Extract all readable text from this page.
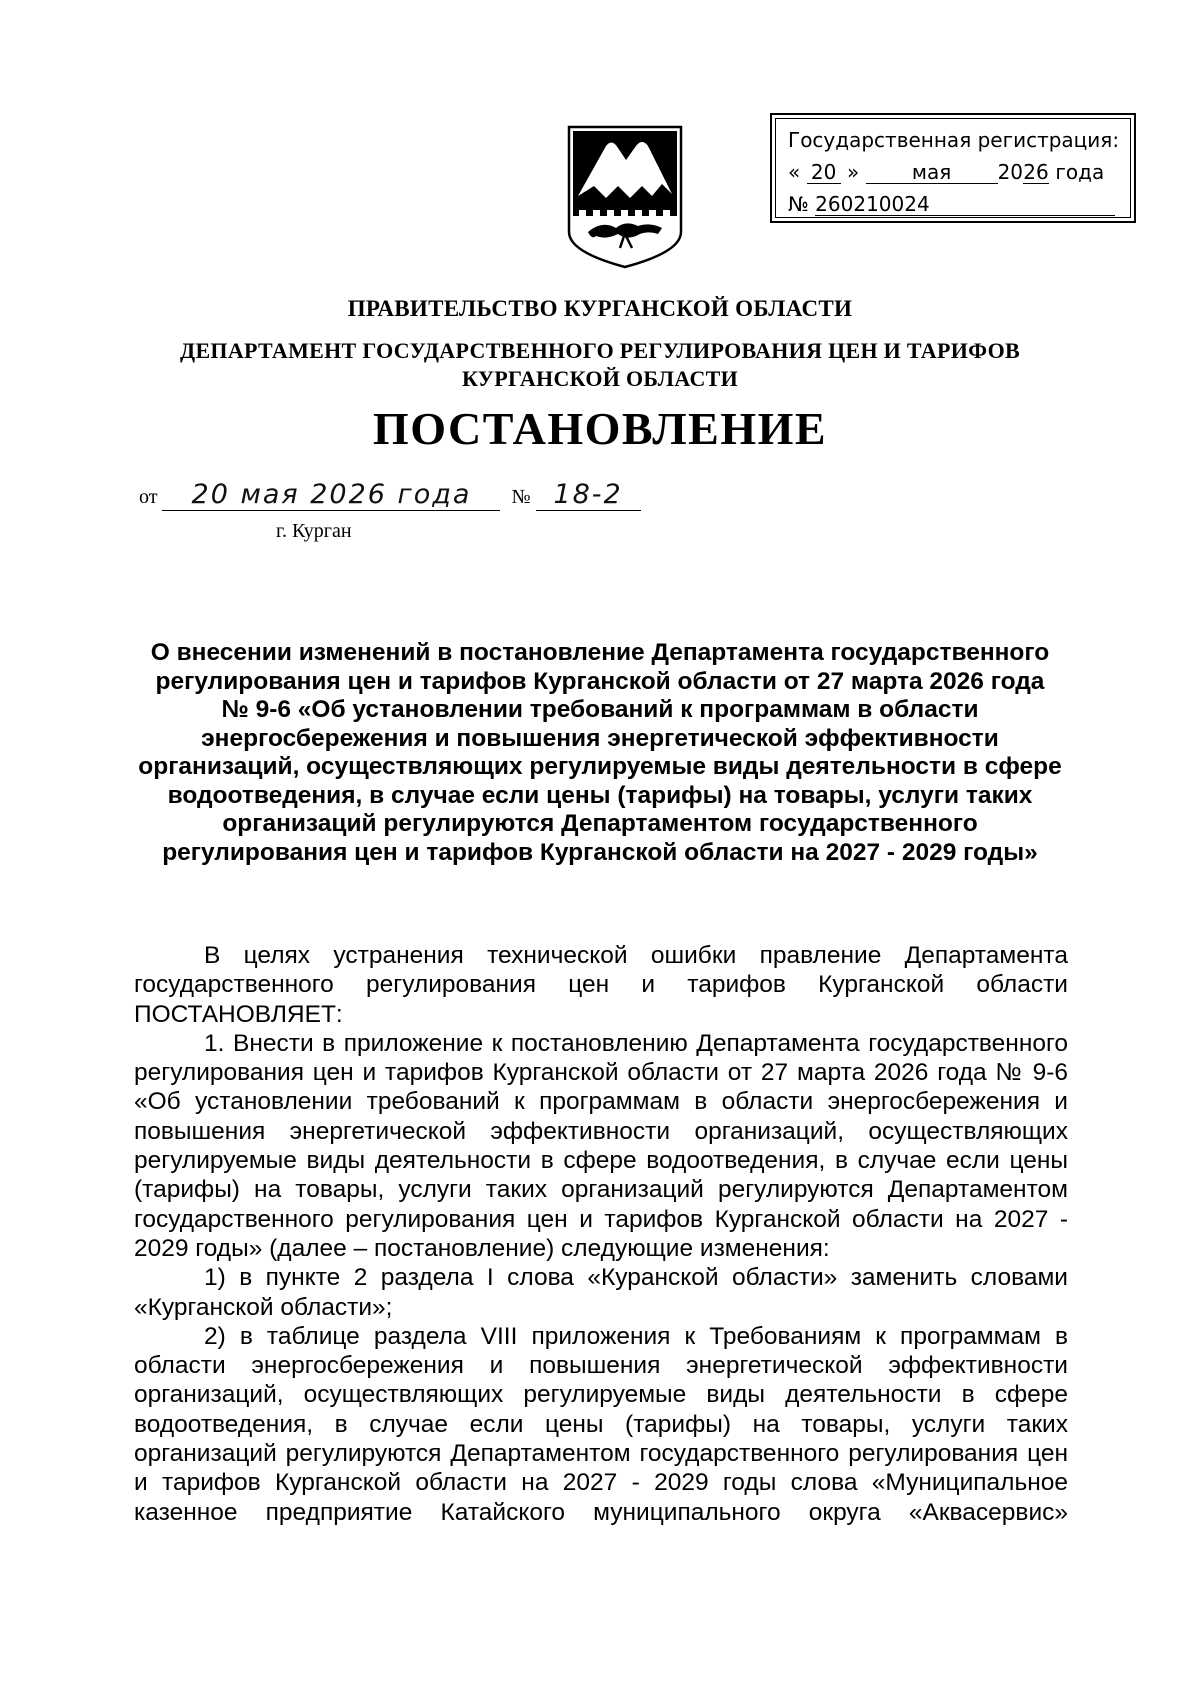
Государственная регистрация:
« 20 »	мая 2026 года
№ 260210024
ПРАВИТЕЛЬСТВО КУРГАНСКОЙ ОБЛАСТИ
ДЕПАРТАМЕНТ ГОСУДАРСТВЕННОГО РЕГУЛИРОВАНИЯ ЦЕН И ТАРИФОВ
КУРГАНСКОЙ ОБЛАСТИ
ПОСТАНОВЛЕНИЕ
от 20 мая 2026 года № 18-2
г. Курган
О внесении изменений в постановление Департамента государственного
регулирования цен и тарифов Курганской области от 27 марта 2026 года
№ 9-6 «Об установлении требований к программам в области
энергосбережения и повышения энергетической эффективности
организаций, осуществляющих регулируемые виды деятельности в сфере
водоотведения, в случае если цены (тарифы) на товары, услуги таких
организаций регулируются Департаментом государственного
регулирования цен и тарифов Курганской области на 2027 - 2029 годы»

В целях устранения технической ошибки правление Департамента

государственного регулирования цен и тарифов Курганской области

ПОСТАНОВЛЯЕТ:

1. Внести в приложение к постановлению Департамента государственного регулирования цен и тарифов Курганской области от 27 марта 2026 года № 9-6 «Об установлении требований к программам в области энергосбережения и повышения энергетической эффективности организаций, осуществляющих регулируемые виды деятельности в сфере водоотведения, в случае если цены (тарифы) на товары, услуги таких организаций регулируются Департаментом государственного регулирования цен и тарифов Курганской области на 2027 - 2029 годы» (далее – постановление) следующие изменения:

1) в пункте 2 раздела I слова «Куранской области» заменить словами «Курганской области»;

2) в таблице раздела VIII приложения к Требованиям к программам в области энергосбережения и повышения энергетической эффективности организаций, осуществляющих регулируемые виды деятельности в сфере водоотведения, в случае если цены (тарифы) на товары, услуги таких организаций регулируются Департаментом государственного регулирования цен и тарифов Курганской области на 2027 - 2029 годы слова «Муниципальное казенное предприятие Катайского муниципального округа «Аквасервис»
